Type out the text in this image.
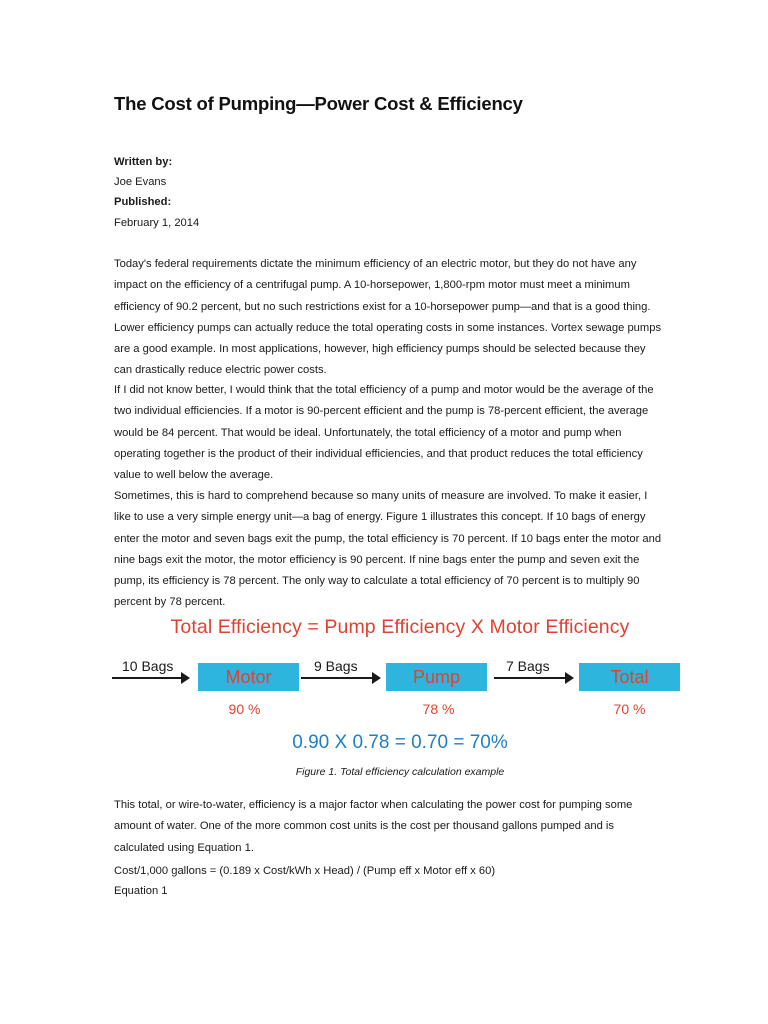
The Cost of Pumping—Power Cost & Efficiency
Written by:
Joe Evans
Published:
February 1, 2014

Today's federal requirements dictate the minimum efficiency of an electric motor, but they do not have any impact on the efficiency of a centrifugal pump. A 10-horsepower, 1,800-rpm motor must meet a minimum efficiency of 90.2 percent, but no such restrictions exist for a 10-horsepower pump—and that is a good thing. Lower efficiency pumps can actually reduce the total operating costs in some instances. Vortex sewage pumps are a good example. In most applications, however, high efficiency pumps should be selected because they can drastically reduce electric power costs.

If I did not know better, I would think that the total efficiency of a pump and motor would be the average of the two individual efficiencies. If a motor is 90-percent efficient and the pump is 78-percent efficient, the average would be 84 percent. That would be ideal. Unfortunately, the total efficiency of a motor and pump when operating together is the product of their individual efficiencies, and that product reduces the total efficiency value to well below the average.

Sometimes, this is hard to comprehend because so many units of measure are involved. To make it easier, I like to use a very simple energy unit—a bag of energy. Figure 1 illustrates this concept. If 10 bags of energy enter the motor and seven bags exit the pump, the total efficiency is 70 percent. If 10 bags enter the motor and nine bags exit the motor, the motor efficiency is 90 percent. If nine bags enter the pump and seven exit the pump, its efficiency is 78 percent. The only way to calculate a total efficiency of 70 percent is to multiply 90 percent by 78 percent.

Total Efficiency = Pump Efficiency X Motor Efficiency
10 Bags
Motor
9 Bags
Pump
7 Bags
Total
90 %	78 %	70 %
0.90 X 0.78 = 0.70 = 70%
Figure 1. Total efficiency calculation example

This total, or wire-to-water, efficiency is a major factor when calculating the power cost for pumping some amount of water. One of the more common cost units is the cost per thousand gallons pumped and is calculated using Equation 1.

Cost/1,000 gallons = (0.189 x Cost/kWh x Head) / (Pump eff x Motor eff x 60)
Equation 1
